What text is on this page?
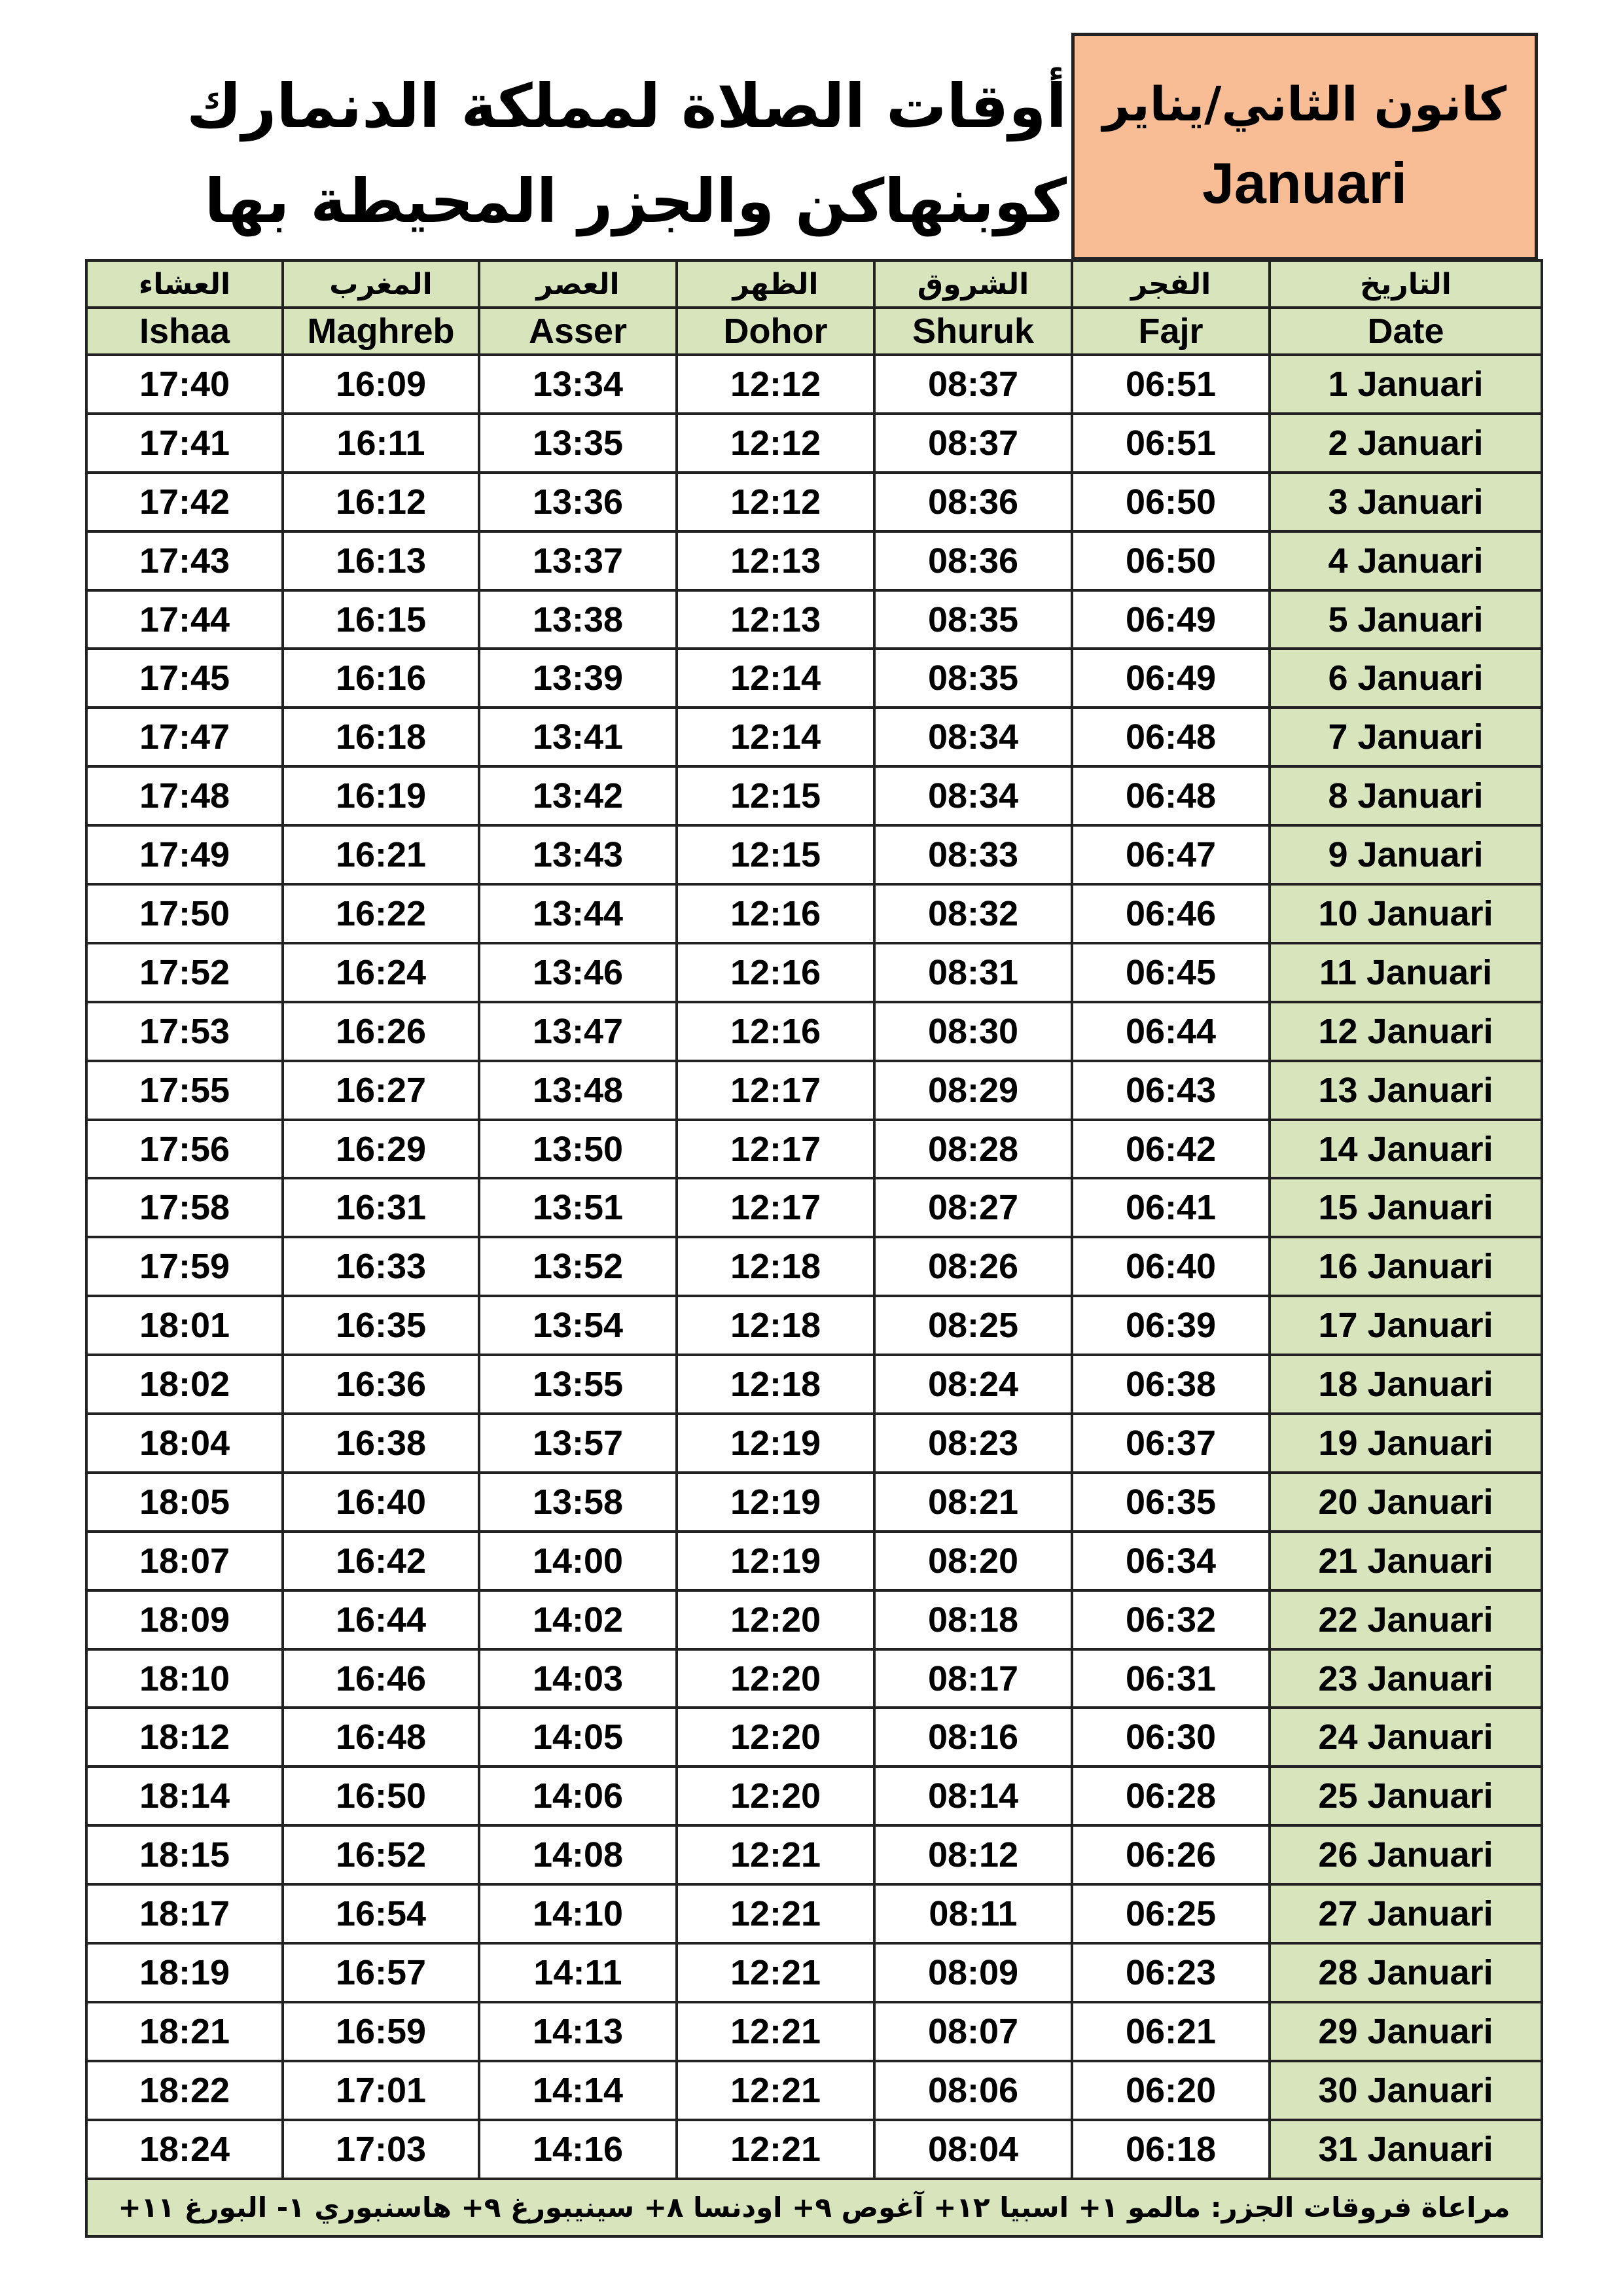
أوقات الصلاة لمملكة الدنمارك
كوبنهاكن والجزر المحيطة بها
كانون الثاني/يناير
Januari
العشاء	المغرب	العصر	الظهر	الشروق	الفجر	التاريخ
Ishaa	Maghreb	Asser	Dohor	Shuruk	Fajr	Date
17:40	16:09	13:34	12:12	08:37	06:51	1 Januari
17:41	16:11	13:35	12:12	08:37	06:51	2 Januari
17:42	16:12	13:36	12:12	08:36	06:50	3 Januari
17:43	16:13	13:37	12:13	08:36	06:50	4 Januari
17:44	16:15	13:38	12:13	08:35	06:49	5 Januari
17:45	16:16	13:39	12:14	08:35	06:49	6 Januari
17:47	16:18	13:41	12:14	08:34	06:48	7 Januari
17:48	16:19	13:42	12:15	08:34	06:48	8 Januari
17:49	16:21	13:43	12:15	08:33	06:47	9 Januari
17:50	16:22	13:44	12:16	08:32	06:46	10 Januari
17:52	16:24	13:46	12:16	08:31	06:45	11 Januari
17:53	16:26	13:47	12:16	08:30	06:44	12 Januari
17:55	16:27	13:48	12:17	08:29	06:43	13 Januari
17:56	16:29	13:50	12:17	08:28	06:42	14 Januari
17:58	16:31	13:51	12:17	08:27	06:41	15 Januari
17:59	16:33	13:52	12:18	08:26	06:40	16 Januari
18:01	16:35	13:54	12:18	08:25	06:39	17 Januari
18:02	16:36	13:55	12:18	08:24	06:38	18 Januari
18:04	16:38	13:57	12:19	08:23	06:37	19 Januari
18:05	16:40	13:58	12:19	08:21	06:35	20 Januari
18:07	16:42	14:00	12:19	08:20	06:34	21 Januari
18:09	16:44	14:02	12:20	08:18	06:32	22 Januari
18:10	16:46	14:03	12:20	08:17	06:31	23 Januari
18:12	16:48	14:05	12:20	08:16	06:30	24 Januari
18:14	16:50	14:06	12:20	08:14	06:28	25 Januari
18:15	16:52	14:08	12:21	08:12	06:26	26 Januari
18:17	16:54	14:10	12:21	08:11	06:25	27 Januari
18:19	16:57	14:11	12:21	08:09	06:23	28 Januari
18:21	16:59	14:13	12:21	08:07	06:21	29 Januari
18:22	17:01	14:14	12:21	08:06	06:20	30 Januari
18:24	17:03	14:16	12:21	08:04	06:18	31 Januari
مراعاة فروقات الجزر: مالمو ١+ اسبيا ١٢+ آغوص ٩+ اودنسا ٨+ سينيبورغ ٩+ هاسنبوري ١- البورغ ١١+						
